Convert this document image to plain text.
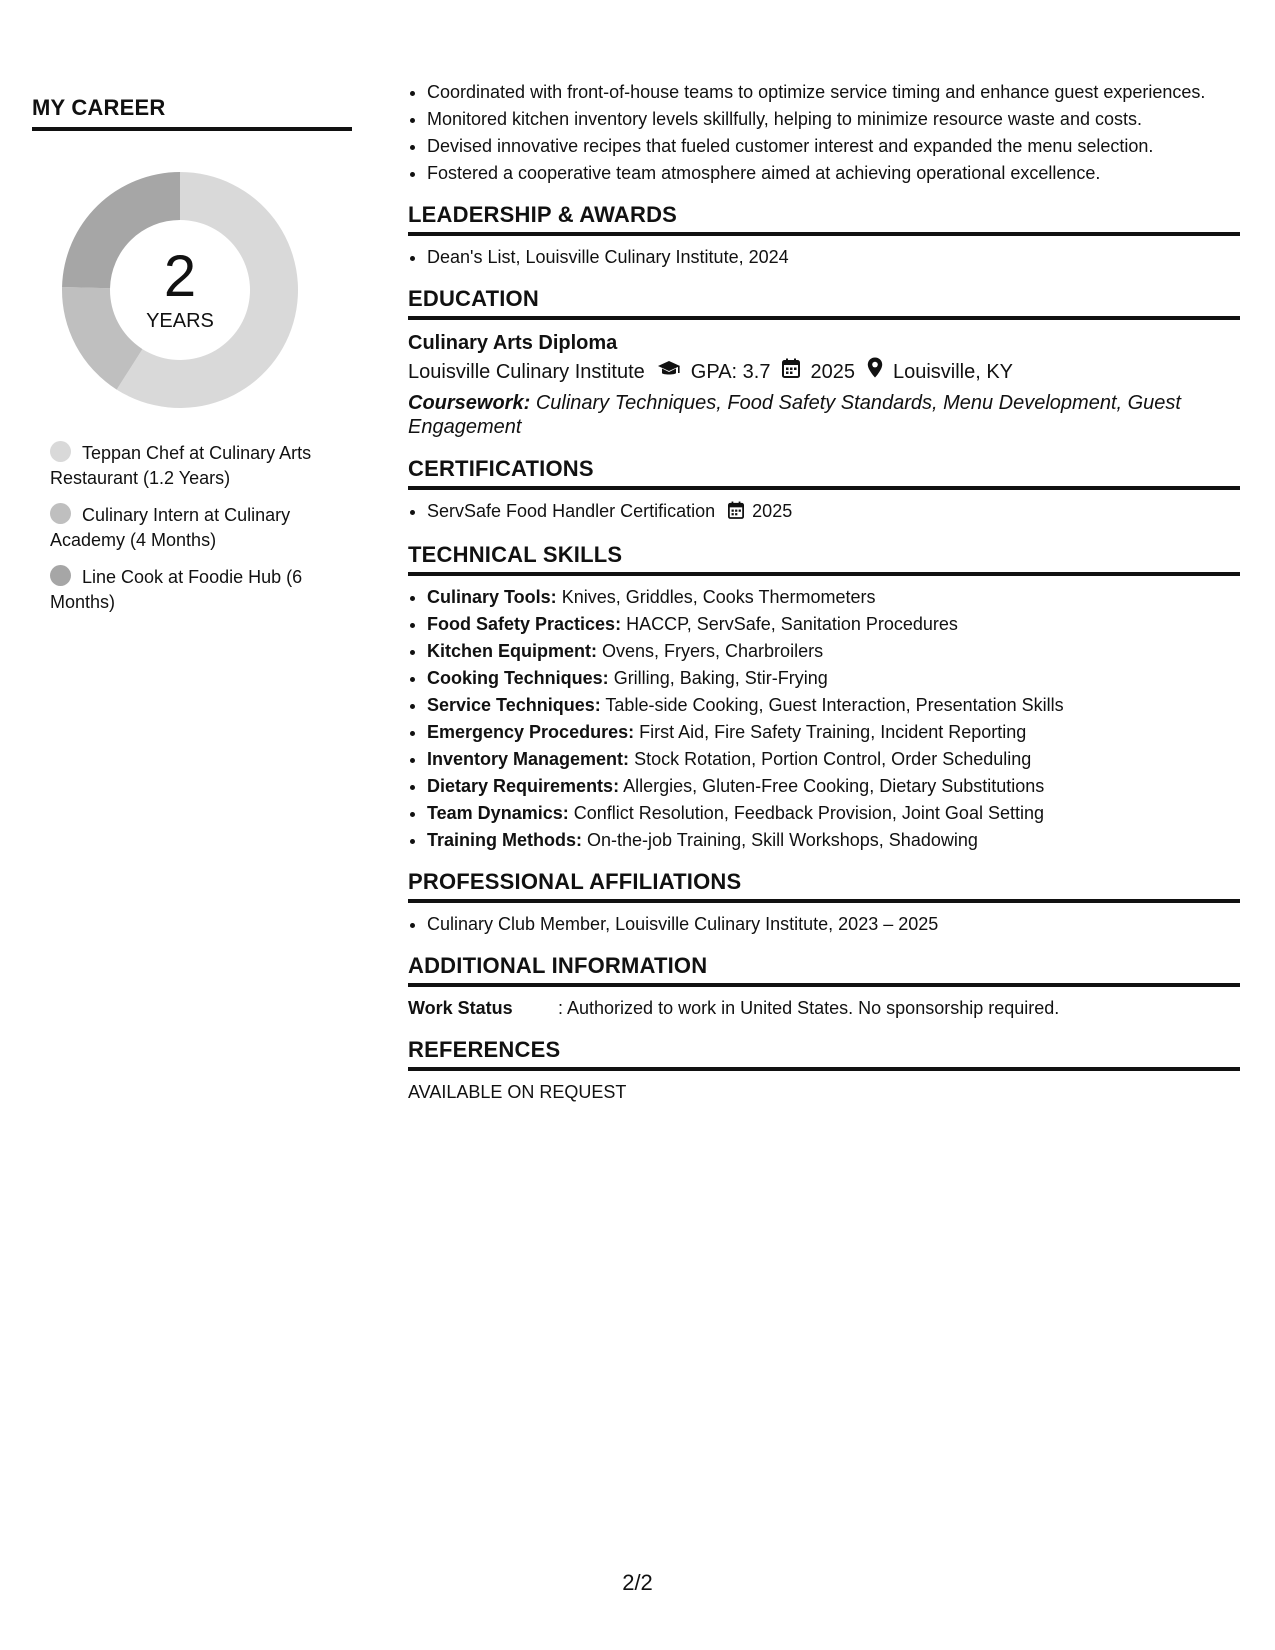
MY CAREER
2
YEARS
Teppan Chef at Culinary Arts Restaurant (1.2 Years)
Culinary Intern at Culinary Academy (4 Months)
Line Cook at Foodie Hub (6 Months)
• Coordinated with front-of-house teams to optimize service timing and enhance guest experiences.
• Monitored kitchen inventory levels skillfully, helping to minimize resource waste and costs.
• Devised innovative recipes that fueled customer interest and expanded the menu selection.
• Fostered a cooperative team atmosphere aimed at achieving operational excellence.
LEADERSHIP & AWARDS
• Dean's List, Louisville Culinary Institute, 2024
EDUCATION
Culinary Arts Diploma
Louisville Culinary Institute GPA: 3.7 2025 Louisville, KY
Coursework: Culinary Techniques, Food Safety Standards, Menu Development, Guest Engagement
CERTIFICATIONS
• ServSafe Food Handler Certification 2025
TECHNICAL SKILLS
• Culinary Tools: Knives, Griddles, Cooks Thermometers
• Food Safety Practices: HACCP, ServSafe, Sanitation Procedures
• Kitchen Equipment: Ovens, Fryers, Charbroilers
• Cooking Techniques: Grilling, Baking, Stir-Frying
• Service Techniques: Table-side Cooking, Guest Interaction, Presentation Skills
• Emergency Procedures: First Aid, Fire Safety Training, Incident Reporting
• Inventory Management: Stock Rotation, Portion Control, Order Scheduling
• Dietary Requirements: Allergies, Gluten-Free Cooking, Dietary Substitutions
• Team Dynamics: Conflict Resolution, Feedback Provision, Joint Goal Setting
• Training Methods: On-the-job Training, Skill Workshops, Shadowing
PROFESSIONAL AFFILIATIONS
• Culinary Club Member, Louisville Culinary Institute, 2023 – 2025
ADDITIONAL INFORMATION
Work Status	: Authorized to work in United States. No sponsorship required.
REFERENCES
AVAILABLE ON REQUEST
2/2
